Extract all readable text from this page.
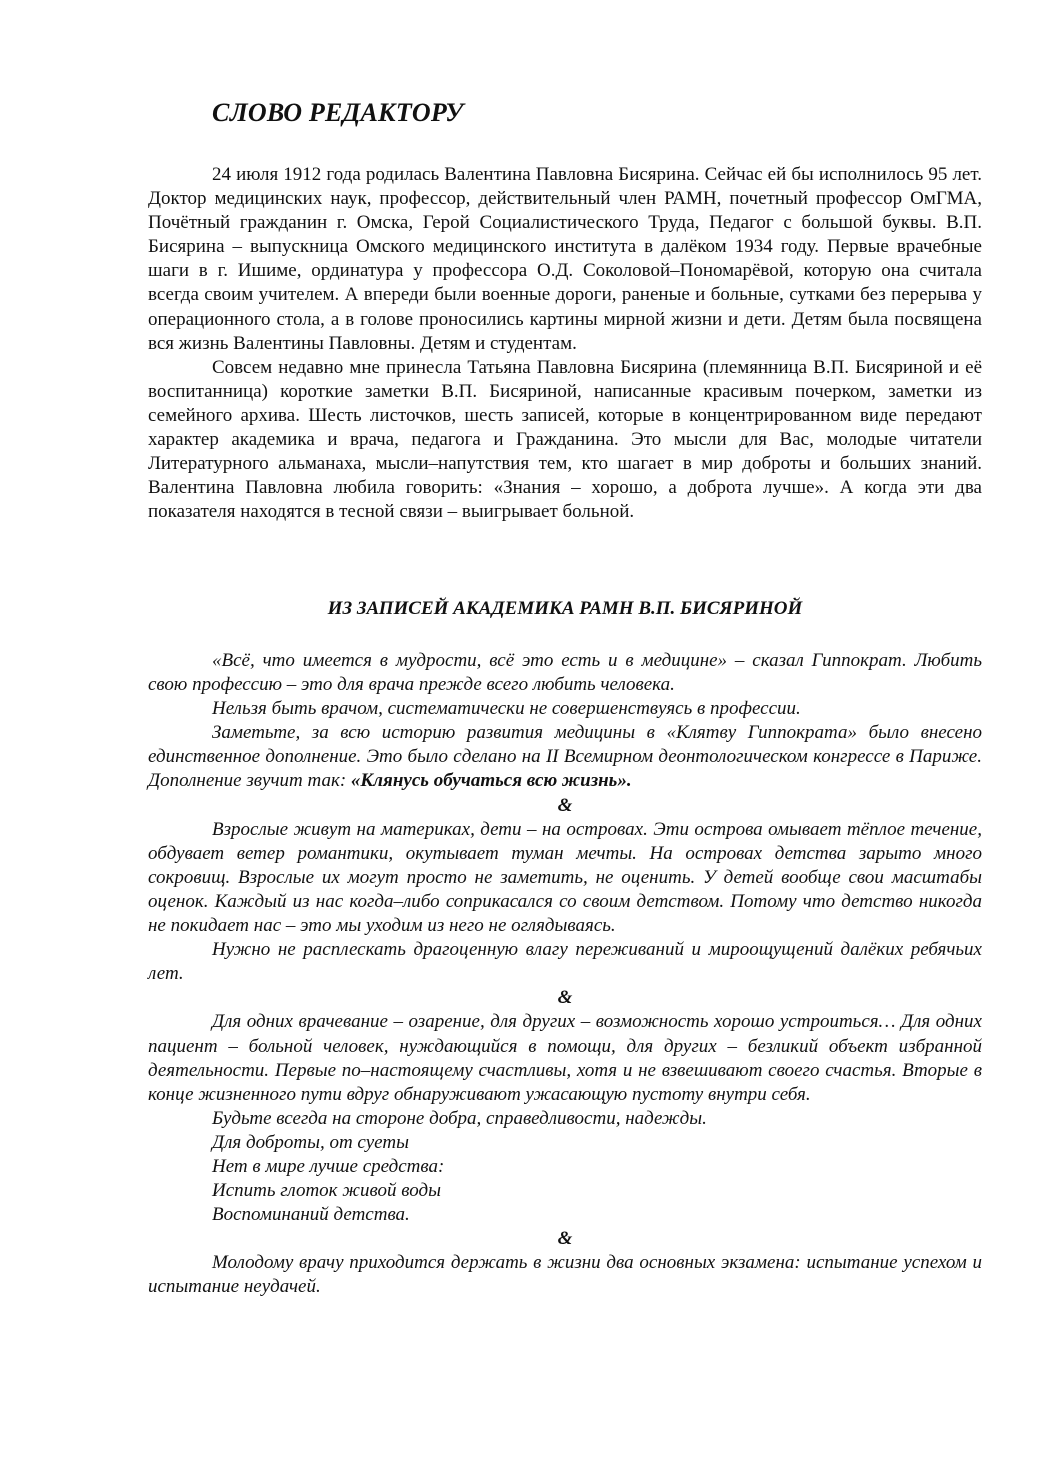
СЛОВО РЕДАКТОРУ

24 июля 1912 года родилась Валентина Павловна Бисярина. Сейчас ей бы исполнилось 95 лет. Доктор медицинских наук, профессор, действительный член РАМН, почетный профессор ОмГМА, Почётный гражданин г. Омска, Герой Социалистического Труда, Педагог с большой буквы. В.П. Бисярина – выпускница Омского медицинского института в далёком 1934 году. Первые врачебные шаги в г. Ишиме, ординатура у профессора О.Д. Соколовой–Пономарёвой, которую она считала всегда своим учителем. А впереди были военные дороги, раненые и больные, сутками без перерыва у операционного стола, а в голове проносились картины мирной жизни и дети. Детям была посвящена вся жизнь Валентины Павловны. Детям и студентам.

Совсем недавно мне принесла Татьяна Павловна Бисярина (племянница В.П. Бисяриной и её воспитанница) короткие заметки В.П. Бисяриной, написанные красивым почерком, заметки из семейного архива. Шесть листочков, шесть записей, которые в концентрированном виде передают характер академика и врача, педагога и Гражданина. Это мысли для Вас, молодые читатели Литературного альманаха, мысли–напутствия тем, кто шагает в мир доброты и больших знаний. Валентина Павловна любила говорить: «Знания – хорошо, а доброта лучше». А когда эти два показателя находятся в тесной связи – выигрывает больной.

ИЗ ЗАПИСЕЙ АКАДЕМИКА РАМН В.П. БИСЯРИНОЙ

«Всё, что имеется в мудрости, всё это есть и в медицине» – сказал Гиппократ. Любить свою профессию – это для врача прежде всего любить человека.

Нельзя быть врачом, систематически не совершенствуясь в профессии.

Заметьте, за всю историю развития медицины в «Клятву Гиппократа» было внесено единственное дополнение. Это было сделано на II Всемирном деонтологическом конгрессе в Париже. Дополнение звучит так: «Клянусь обучаться всю жизнь».

&

Взрослые живут на материках, дети – на островах. Эти острова омывает тёплое течение, обдувает ветер романтики, окутывает туман мечты. На островах детства зарыто много сокровищ. Взрослые их могут просто не заметить, не оценить. У детей вообще свои масштабы оценок. Каждый из нас когда–либо соприкасался со своим детством. Потому что детство никогда не покидает нас – это мы уходим из него не оглядываясь.

Нужно не расплескать драгоценную влагу переживаний и мироощущений далёких ребячьих лет.

&

Для одних врачевание – озарение, для других – возможность хорошо устроиться… Для одних пациент – больной человек, нуждающийся в помощи, для других – безликий объект избранной деятельности. Первые по–настоящему счастливы, хотя и не взвешивают своего счастья. Вторые в конце жизненного пути вдруг обнаруживают ужасающую пустоту внутри себя.

Будьте всегда на стороне добра, справедливости, надежды.

Для доброты, от суеты
Нет в мире лучше средства:
Испить глоток живой воды
Воспоминаний детства.
&

Молодому врачу приходится держать в жизни два основных экзамена: испытание успехом и испытание неудачей.
